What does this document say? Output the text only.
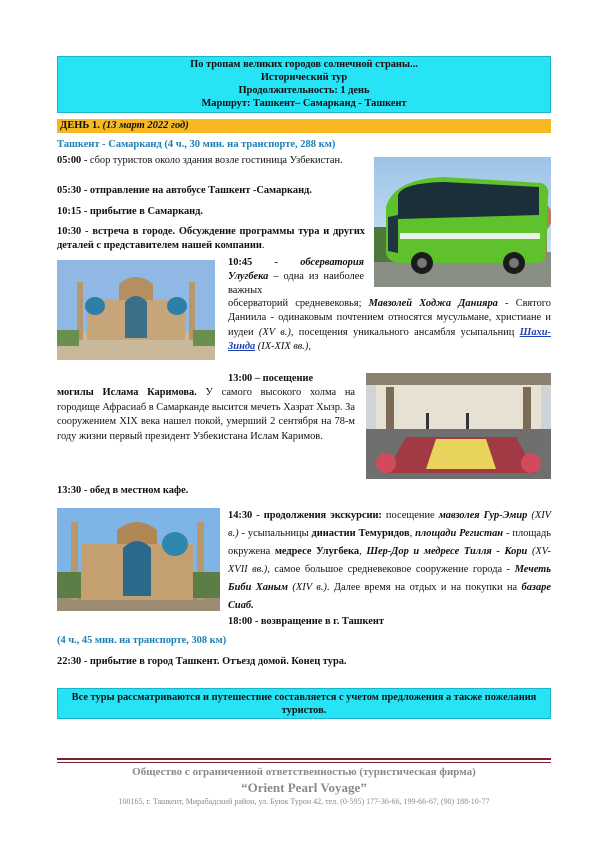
По тропам великих городов солнечной страны...
Исторический тур
Продолжительность: 1 день
Маршрут: Ташкент– Самарканд - Ташкент
ДЕНЬ 1. (13 март 2022 год)
Ташкент - Самарканд (4 ч., 30 мин. на транспорте, 288 км)
05:00 - сбор туристов около здания возле гостиница Узбекистан.
05:30 - отправление на автобусе Ташкент -Самарканд.
10:15 - прибытие в Самарканд.
10:30 - встреча в городе. Обсуждение программы тура и других деталей с представителем нашей компании.
10:45 - обсерватория Улугбека – одна из наиболее важных
обсерваторий средневековья; Мавзолей Ходжа Данияра - Святого Даниила - одинаковым почтением относятся мусульмане, христиане и иудеи (XV в.), посещения уникального ансамбля усыпальниц Шахи-Зинда (IX-XIX вв.),
13:00 – посещение
могилы Ислама Каримова. У самого высокого холма на городище Афрасиаб в Самарканде высится мечеть Хазрат Хызр. За сооружением XIX века нашел покой, умерший 2 сентября на 78-м году жизни первый президент Узбекистана Ислам Каримов.
13:30 - обед в местном кафе.
14:30 - продолжения экскурсии: посещение мавзолея Гур-Эмир (XIV в.) - усыпальницы династии Темуридов, площади Регистан - площадь окружена медресе Улугбека, Шер-Дор и медресе Тилля - Кори (XV-XVII вв.), самое большое средневековое сооружение города - Мечеть Биби Ханым (XIV в.). Далее время на отдых и на покупки на базаре Сиаб.
18:00 - возвращение в г. Ташкент
(4 ч., 45 мин. на транспорте, 308 км)
22:30 - прибытие в город Ташкент. Отъезд домой. Конец тура.
Все туры рассматриваются и путешествие составляется с учетом предложения а также пожелания туристов.
Общество с ограниченной ответственностью (туристическая фирма)
“Orient Pearl Voyage”
100165, г. Ташкент, Мирабадский район, ул. Буюк Турон 42, тел. (0-595) 177-36-66, 199-66-67, (90) 188-10-77
